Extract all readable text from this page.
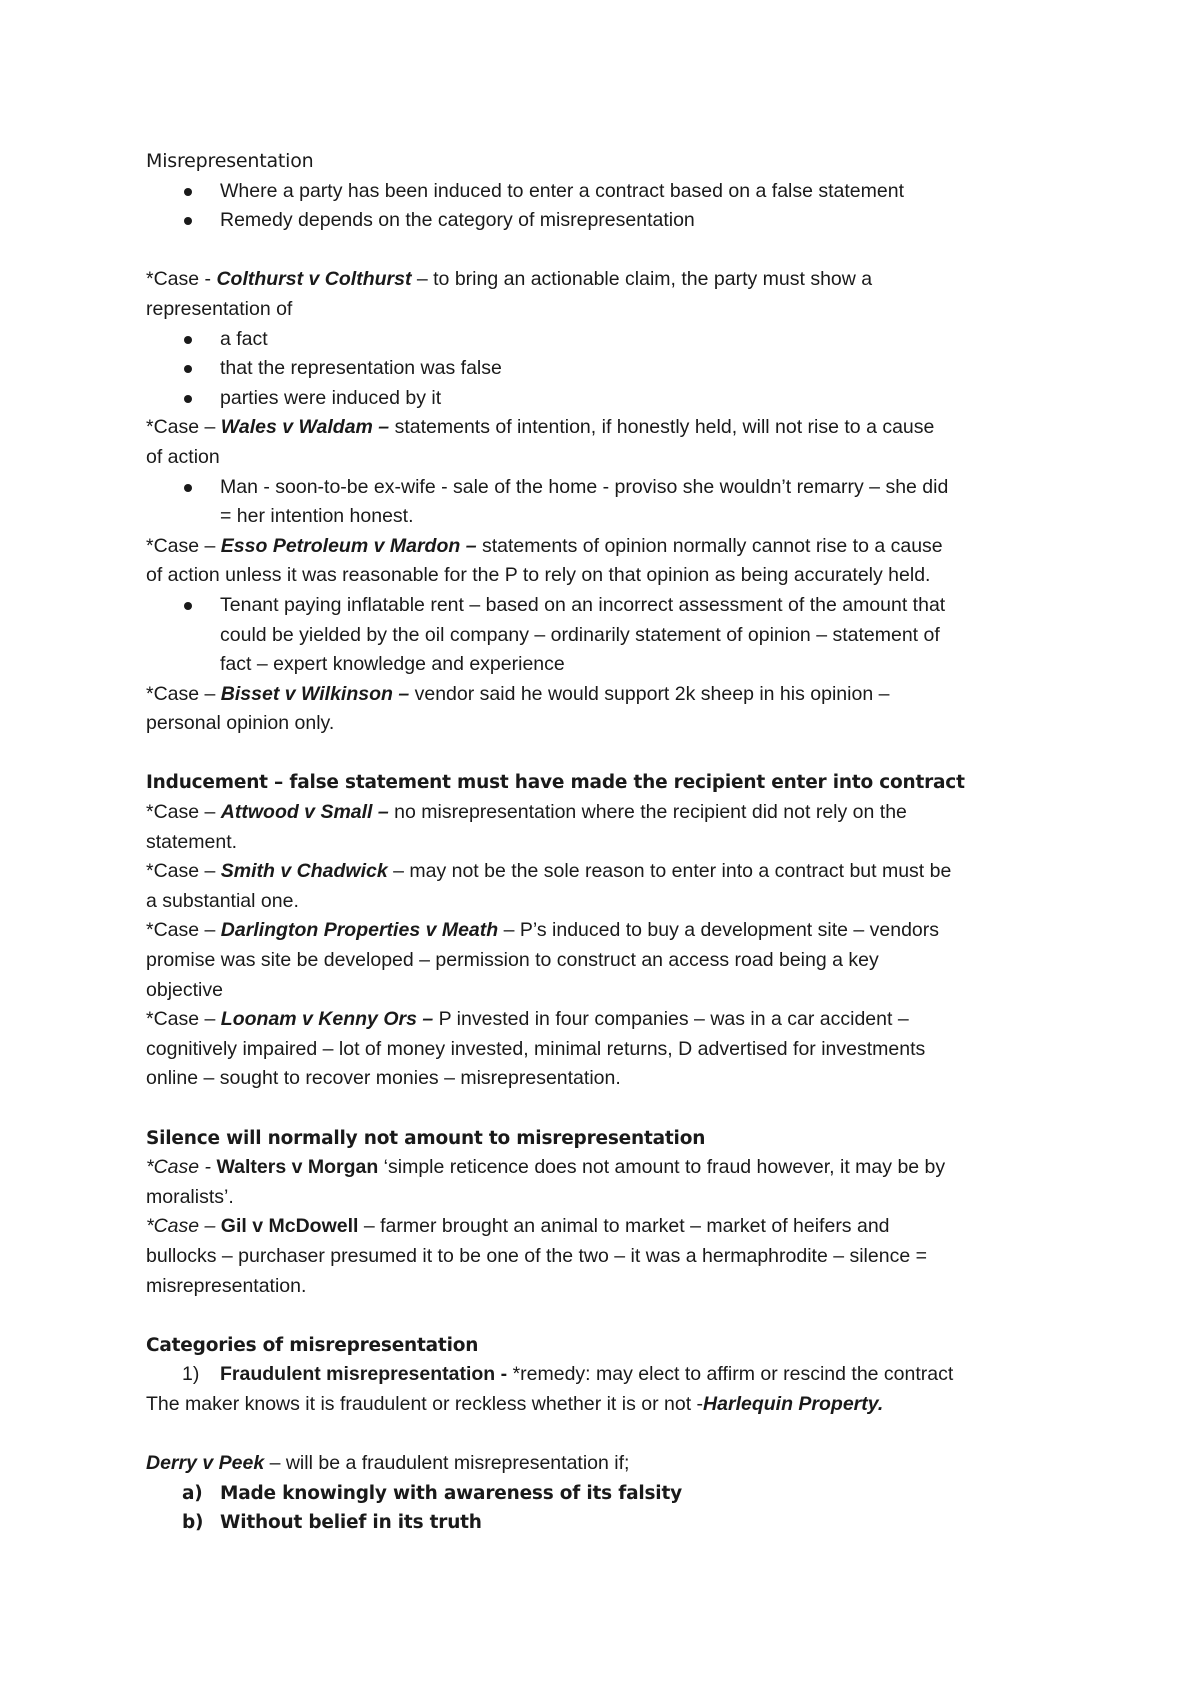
Misrepresentation

Where a party has been induced to enter a contract based on a false statement

Remedy depends on the category of misrepresentation

*Case - Colthurst v Colthurst – to bring an actionable claim, the party must show a

representation of

a fact

that the representation was false

parties were induced by it

*Case – Wales v Waldam – statements of intention, if honestly held, will not rise to a cause

of action

Man - soon-to-be ex-wife - sale of the home - proviso she wouldn’t remarry – she did

= her intention honest.

*Case – Esso Petroleum v Mardon – statements of opinion normally cannot rise to a cause

of action unless it was reasonable for the P to rely on that opinion as being accurately held.

Tenant paying inflatable rent – based on an incorrect assessment of the amount that

could be yielded by the oil company – ordinarily statement of opinion – statement of

fact – expert knowledge and experience

*Case – Bisset v Wilkinson – vendor said he would support 2k sheep in his opinion –

personal opinion only.

Inducement – false statement must have made the recipient enter into contract

*Case – Attwood v Small – no misrepresentation where the recipient did not rely on the

statement.

*Case – Smith v Chadwick – may not be the sole reason to enter into a contract but must be

a substantial one.

*Case – Darlington Properties v Meath – P’s induced to buy a development site – vendors

promise was site be developed – permission to construct an access road being a key

objective

*Case – Loonam v Kenny Ors – P invested in four companies – was in a car accident –

cognitively impaired – lot of money invested, minimal returns, D advertised for investments

online – sought to recover monies – misrepresentation.

Silence will normally not amount to misrepresentation

*Case - Walters v Morgan ‘simple reticence does not amount to fraud however, it may be by

moralists’.

*Case – Gil v McDowell – farmer brought an animal to market – market of heifers and

bullocks – purchaser presumed it to be one of the two – it was a hermaphrodite – silence =

misrepresentation.

Categories of misrepresentation

1) Fraudulent misrepresentation - *remedy: may elect to affirm or rescind the contract

The maker knows it is fraudulent or reckless whether it is or not -Harlequin Property.

Derry v Peek – will be a fraudulent misrepresentation if;

a) Made knowingly with awareness of its falsity

b) Without belief in its truth
